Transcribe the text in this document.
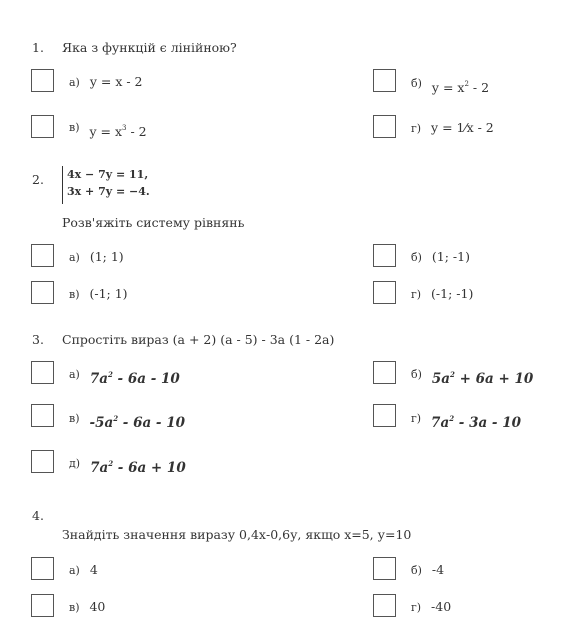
1. Яка з функцій є лінійною?
а) y = x - 2	б) $y = x^2 - 2$
в) $y = x^3 - 2$	г) y = 1⁄x - 2
2. 4x − 7y = 11,
3x + 7y = −4.
Розв'яжіть систему рівнянь
а) (1; 1)	б) (1; -1)
в) (-1; 1)	г) (-1; -1)
3. Спростіть вираз (а + 2) (а - 5) - 3а (1 - 2а)
а) $7a^2 - 6a - 10$	б) $5a^2 + 6a + 10$
в) $-5a^2 - 6a - 10$	г) $7a^2 - 3a - 10$
д) $7a^2 - 6a + 10$
4.
Знайдіть значення виразу 0,4х-0,6у, якщо х=5, у=10
а) 4	б) -4
в) 40	г) -40
